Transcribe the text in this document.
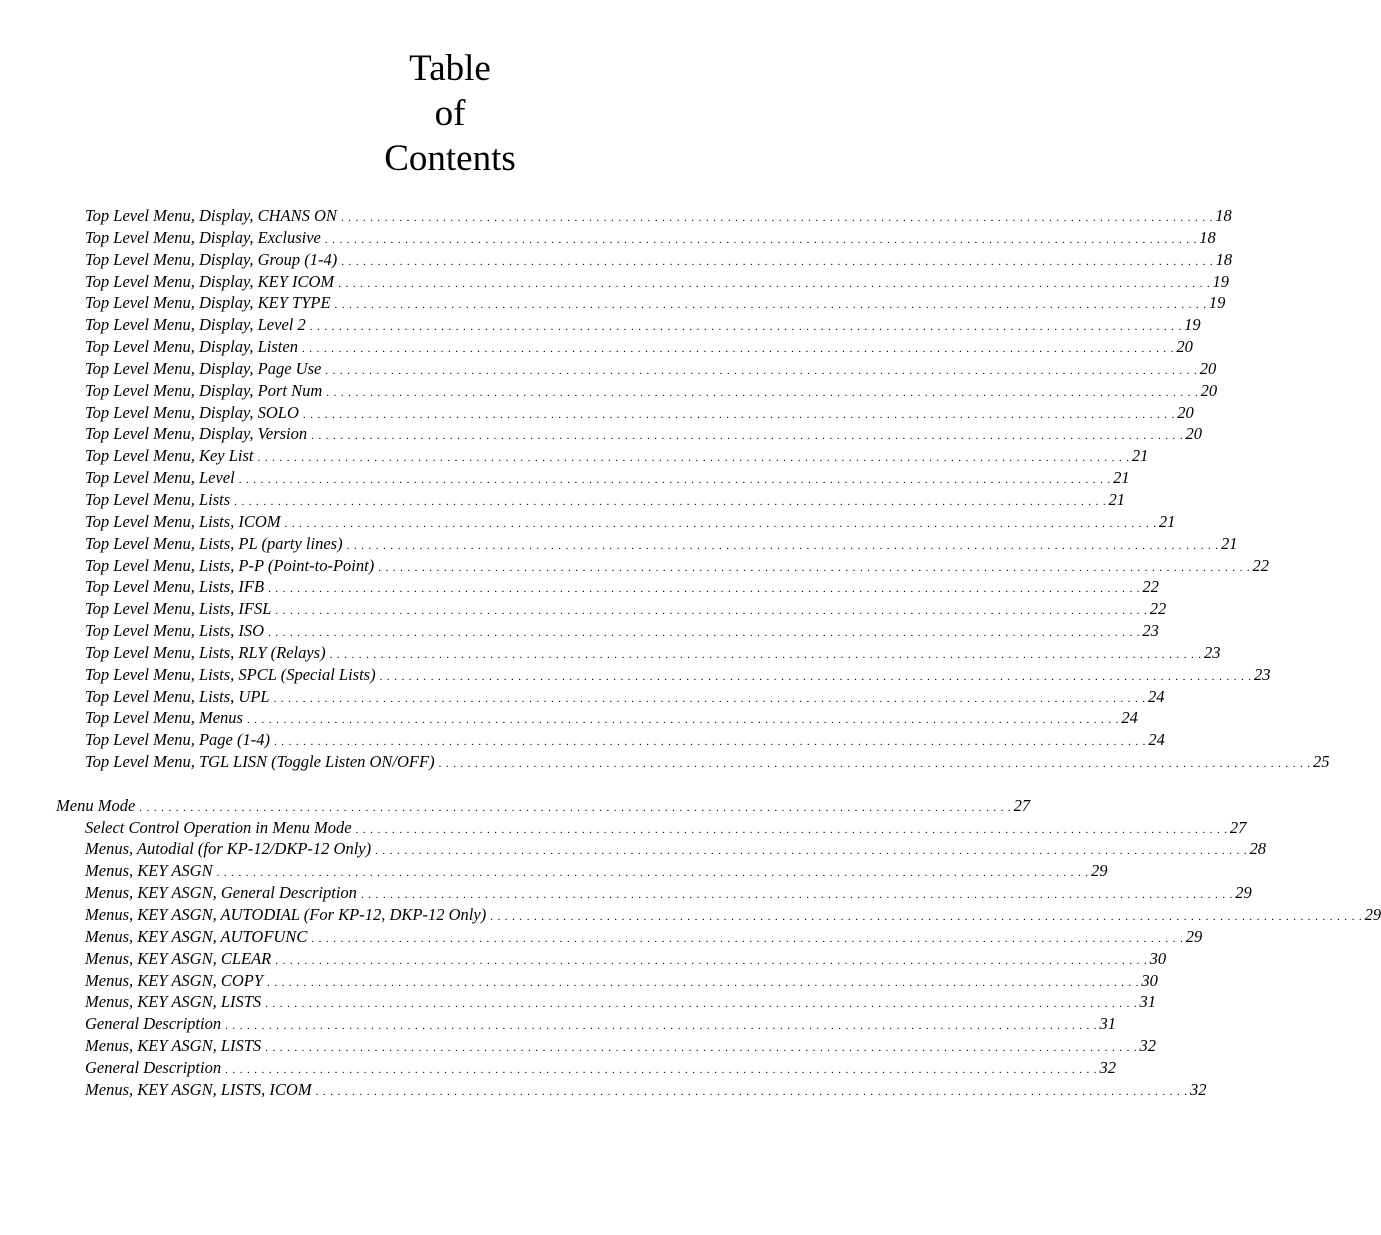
Table
of
Contents
Top Level Menu, Display, CHANS ON . . . . . . . . . . . . . . . . . . . . . . . . . . . . . . . . . . . . . . . . . . . . . . . . . . . . . . . . . . . . . . . . . . . . . . . . . . . . . . . . . . . . . . . . . . . . . . . . . . . . . . . . . . . . . . . . . . . . . . . . 18
Top Level Menu, Display, Exclusive . . . . . . . . . . . . . . . . . . . . . . . . . . . . . . . . . . . . . . . . . . . . . . . . . . . . . . . . . . . . . . . . . . . . . . . . . . . . . . . . . . . . . . . . . . . . . . . . . . . . . . . . . . . . . . . . . . . . . . . . 18
Top Level Menu, Display, Group (1-4) . . . . . . . . . . . . . . . . . . . . . . . . . . . . . . . . . . . . . . . . . . . . . . . . . . . . . . . . . . . . . . . . . . . . . . . . . . . . . . . . . . . . . . . . . . . . . . . . . . . . . . . . . . . . . . . . . . . . . . . . 18
Top Level Menu, Display, KEY ICOM . . . . . . . . . . . . . . . . . . . . . . . . . . . . . . . . . . . . . . . . . . . . . . . . . . . . . . . . . . . . . . . . . . . . . . . . . . . . . . . . . . . . . . . . . . . . . . . . . . . . . . . . . . . . . . . . . . . . . . . . 19
Top Level Menu, Display, KEY TYPE . . . . . . . . . . . . . . . . . . . . . . . . . . . . . . . . . . . . . . . . . . . . . . . . . . . . . . . . . . . . . . . . . . . . . . . . . . . . . . . . . . . . . . . . . . . . . . . . . . . . . . . . . . . . . . . . . . . . . . . . 19
Top Level Menu, Display, Level 2 . . . . . . . . . . . . . . . . . . . . . . . . . . . . . . . . . . . . . . . . . . . . . . . . . . . . . . . . . . . . . . . . . . . . . . . . . . . . . . . . . . . . . . . . . . . . . . . . . . . . . . . . . . . . . . . . . . . . . . . . 19
Top Level Menu, Display, Listen . . . . . . . . . . . . . . . . . . . . . . . . . . . . . . . . . . . . . . . . . . . . . . . . . . . . . . . . . . . . . . . . . . . . . . . . . . . . . . . . . . . . . . . . . . . . . . . . . . . . . . . . . . . . . . . . . . . . . . . . 20
Top Level Menu, Display, Page Use . . . . . . . . . . . . . . . . . . . . . . . . . . . . . . . . . . . . . . . . . . . . . . . . . . . . . . . . . . . . . . . . . . . . . . . . . . . . . . . . . . . . . . . . . . . . . . . . . . . . . . . . . . . . . . . . . . . . . . . . 20
Top Level Menu, Display, Port Num . . . . . . . . . . . . . . . . . . . . . . . . . . . . . . . . . . . . . . . . . . . . . . . . . . . . . . . . . . . . . . . . . . . . . . . . . . . . . . . . . . . . . . . . . . . . . . . . . . . . . . . . . . . . . . . . . . . . . . . . 20
Top Level Menu, Display, SOLO . . . . . . . . . . . . . . . . . . . . . . . . . . . . . . . . . . . . . . . . . . . . . . . . . . . . . . . . . . . . . . . . . . . . . . . . . . . . . . . . . . . . . . . . . . . . . . . . . . . . . . . . . . . . . . . . . . . . . . . . 20
Top Level Menu, Display, Version . . . . . . . . . . . . . . . . . . . . . . . . . . . . . . . . . . . . . . . . . . . . . . . . . . . . . . . . . . . . . . . . . . . . . . . . . . . . . . . . . . . . . . . . . . . . . . . . . . . . . . . . . . . . . . . . . . . . . . . . 20
Top Level Menu, Key List . . . . . . . . . . . . . . . . . . . . . . . . . . . . . . . . . . . . . . . . . . . . . . . . . . . . . . . . . . . . . . . . . . . . . . . . . . . . . . . . . . . . . . . . . . . . . . . . . . . . . . . . . . . . . . . . . . . . . . . . 21
Top Level Menu, Level . . . . . . . . . . . . . . . . . . . . . . . . . . . . . . . . . . . . . . . . . . . . . . . . . . . . . . . . . . . . . . . . . . . . . . . . . . . . . . . . . . . . . . . . . . . . . . . . . . . . . . . . . . . . . . . . . . . . . . . . 21
Top Level Menu, Lists . . . . . . . . . . . . . . . . . . . . . . . . . . . . . . . . . . . . . . . . . . . . . . . . . . . . . . . . . . . . . . . . . . . . . . . . . . . . . . . . . . . . . . . . . . . . . . . . . . . . . . . . . . . . . . . . . . . . . . . . 21
Top Level Menu, Lists, ICOM . . . . . . . . . . . . . . . . . . . . . . . . . . . . . . . . . . . . . . . . . . . . . . . . . . . . . . . . . . . . . . . . . . . . . . . . . . . . . . . . . . . . . . . . . . . . . . . . . . . . . . . . . . . . . . . . . . . . . . . . 21
Top Level Menu, Lists, PL (party lines) . . . . . . . . . . . . . . . . . . . . . . . . . . . . . . . . . . . . . . . . . . . . . . . . . . . . . . . . . . . . . . . . . . . . . . . . . . . . . . . . . . . . . . . . . . . . . . . . . . . . . . . . . . . . . . . . . . . . . . . . 21
Top Level Menu, Lists, P-P (Point-to-Point) . . . . . . . . . . . . . . . . . . . . . . . . . . . . . . . . . . . . . . . . . . . . . . . . . . . . . . . . . . . . . . . . . . . . . . . . . . . . . . . . . . . . . . . . . . . . . . . . . . . . . . . . . . . . . . . . . . . . . . . . 22
Top Level Menu, Lists, IFB . . . . . . . . . . . . . . . . . . . . . . . . . . . . . . . . . . . . . . . . . . . . . . . . . . . . . . . . . . . . . . . . . . . . . . . . . . . . . . . . . . . . . . . . . . . . . . . . . . . . . . . . . . . . . . . . . . . . . . . . 22
Top Level Menu, Lists, IFSL . . . . . . . . . . . . . . . . . . . . . . . . . . . . . . . . . . . . . . . . . . . . . . . . . . . . . . . . . . . . . . . . . . . . . . . . . . . . . . . . . . . . . . . . . . . . . . . . . . . . . . . . . . . . . . . . . . . . . . . . 22
Top Level Menu, Lists, ISO . . . . . . . . . . . . . . . . . . . . . . . . . . . . . . . . . . . . . . . . . . . . . . . . . . . . . . . . . . . . . . . . . . . . . . . . . . . . . . . . . . . . . . . . . . . . . . . . . . . . . . . . . . . . . . . . . . . . . . . . 23
Top Level Menu, Lists, RLY (Relays) . . . . . . . . . . . . . . . . . . . . . . . . . . . . . . . . . . . . . . . . . . . . . . . . . . . . . . . . . . . . . . . . . . . . . . . . . . . . . . . . . . . . . . . . . . . . . . . . . . . . . . . . . . . . . . . . . . . . . . . . 23
Top Level Menu, Lists, SPCL (Special Lists) . . . . . . . . . . . . . . . . . . . . . . . . . . . . . . . . . . . . . . . . . . . . . . . . . . . . . . . . . . . . . . . . . . . . . . . . . . . . . . . . . . . . . . . . . . . . . . . . . . . . . . . . . . . . . . . . . . . . . . . . 23
Top Level Menu, Lists, UPL . . . . . . . . . . . . . . . . . . . . . . . . . . . . . . . . . . . . . . . . . . . . . . . . . . . . . . . . . . . . . . . . . . . . . . . . . . . . . . . . . . . . . . . . . . . . . . . . . . . . . . . . . . . . . . . . . . . . . . . . 24
Top Level Menu, Menus . . . . . . . . . . . . . . . . . . . . . . . . . . . . . . . . . . . . . . . . . . . . . . . . . . . . . . . . . . . . . . . . . . . . . . . . . . . . . . . . . . . . . . . . . . . . . . . . . . . . . . . . . . . . . . . . . . . . . . . . 24
Top Level Menu, Page (1-4) . . . . . . . . . . . . . . . . . . . . . . . . . . . . . . . . . . . . . . . . . . . . . . . . . . . . . . . . . . . . . . . . . . . . . . . . . . . . . . . . . . . . . . . . . . . . . . . . . . . . . . . . . . . . . . . . . . . . . . . . 24
Top Level Menu, TGL LISN (Toggle Listen ON/OFF) . . . . . . . . . . . . . . . . . . . . . . . . . . . . . . . . . . . . . . . . . . . . . . . . . . . . . . . . . . . . . . . . . . . . . . . . . . . . . . . . . . . . . . . . . . . . . . . . . . . . . . . . . . . . . . . . . . . . . . . . 25
Menu Mode . . . . . . . . . . . . . . . . . . . . . . . . . . . . . . . . . . . . . . . . . . . . . . . . . . . . . . . . . . . . . . . . . . . . . . . . . . . . . . . . . . . . . . . . . . . . . . . . . . . . . . . . . . . . . . . . . . . . . . . . 27
Select Control Operation in Menu Mode . . . . . . . . . . . . . . . . . . . . . . . . . . . . . . . . . . . . . . . . . . . . . . . . . . . . . . . . . . . . . . . . . . . . . . . . . . . . . . . . . . . . . . . . . . . . . . . . . . . . . . . . . . . . . . . . . . . . . . . . 27
Menus, Autodial (for KP-12/DKP-12 Only) . . . . . . . . . . . . . . . . . . . . . . . . . . . . . . . . . . . . . . . . . . . . . . . . . . . . . . . . . . . . . . . . . . . . . . . . . . . . . . . . . . . . . . . . . . . . . . . . . . . . . . . . . . . . . . . . . . . . . . . . 28
Menus, KEY ASGN . . . . . . . . . . . . . . . . . . . . . . . . . . . . . . . . . . . . . . . . . . . . . . . . . . . . . . . . . . . . . . . . . . . . . . . . . . . . . . . . . . . . . . . . . . . . . . . . . . . . . . . . . . . . . . . . . . . . . . . . 29
Menus, KEY ASGN, General Description . . . . . . . . . . . . . . . . . . . . . . . . . . . . . . . . . . . . . . . . . . . . . . . . . . . . . . . . . . . . . . . . . . . . . . . . . . . . . . . . . . . . . . . . . . . . . . . . . . . . . . . . . . . . . . . . . . . . . . . . 29
Menus, KEY ASGN, AUTODIAL (For KP-12, DKP-12 Only) . . . . . . . . . . . . . . . . . . . . . . . . . . . . . . . . . . . . . . . . . . . . . . . . . . . . . . . . . . . . . . . . . . . . . . . . . . . . . . . . . . . . . . . . . . . . . . . . . . . . . . . . . . . . . . . . . . . . . . . . 29
Menus, KEY ASGN, AUTOFUNC . . . . . . . . . . . . . . . . . . . . . . . . . . . . . . . . . . . . . . . . . . . . . . . . . . . . . . . . . . . . . . . . . . . . . . . . . . . . . . . . . . . . . . . . . . . . . . . . . . . . . . . . . . . . . . . . . . . . . . . . 29
Menus, KEY ASGN, CLEAR . . . . . . . . . . . . . . . . . . . . . . . . . . . . . . . . . . . . . . . . . . . . . . . . . . . . . . . . . . . . . . . . . . . . . . . . . . . . . . . . . . . . . . . . . . . . . . . . . . . . . . . . . . . . . . . . . . . . . . . . 30
Menus, KEY ASGN, COPY . . . . . . . . . . . . . . . . . . . . . . . . . . . . . . . . . . . . . . . . . . . . . . . . . . . . . . . . . . . . . . . . . . . . . . . . . . . . . . . . . . . . . . . . . . . . . . . . . . . . . . . . . . . . . . . . . . . . . . . . 30
Menus, KEY ASGN, LISTS . . . . . . . . . . . . . . . . . . . . . . . . . . . . . . . . . . . . . . . . . . . . . . . . . . . . . . . . . . . . . . . . . . . . . . . . . . . . . . . . . . . . . . . . . . . . . . . . . . . . . . . . . . . . . . . . . . . . . . . . 31
General Description . . . . . . . . . . . . . . . . . . . . . . . . . . . . . . . . . . . . . . . . . . . . . . . . . . . . . . . . . . . . . . . . . . . . . . . . . . . . . . . . . . . . . . . . . . . . . . . . . . . . . . . . . . . . . . . . . . . . . . . . 31
Menus, KEY ASGN, LISTS . . . . . . . . . . . . . . . . . . . . . . . . . . . . . . . . . . . . . . . . . . . . . . . . . . . . . . . . . . . . . . . . . . . . . . . . . . . . . . . . . . . . . . . . . . . . . . . . . . . . . . . . . . . . . . . . . . . . . . . . 32
General Description . . . . . . . . . . . . . . . . . . . . . . . . . . . . . . . . . . . . . . . . . . . . . . . . . . . . . . . . . . . . . . . . . . . . . . . . . . . . . . . . . . . . . . . . . . . . . . . . . . . . . . . . . . . . . . . . . . . . . . . . 32
Menus, KEY ASGN, LISTS, ICOM . . . . . . . . . . . . . . . . . . . . . . . . . . . . . . . . . . . . . . . . . . . . . . . . . . . . . . . . . . . . . . . . . . . . . . . . . . . . . . . . . . . . . . . . . . . . . . . . . . . . . . . . . . . . . . . . . . . . . . . . 32
